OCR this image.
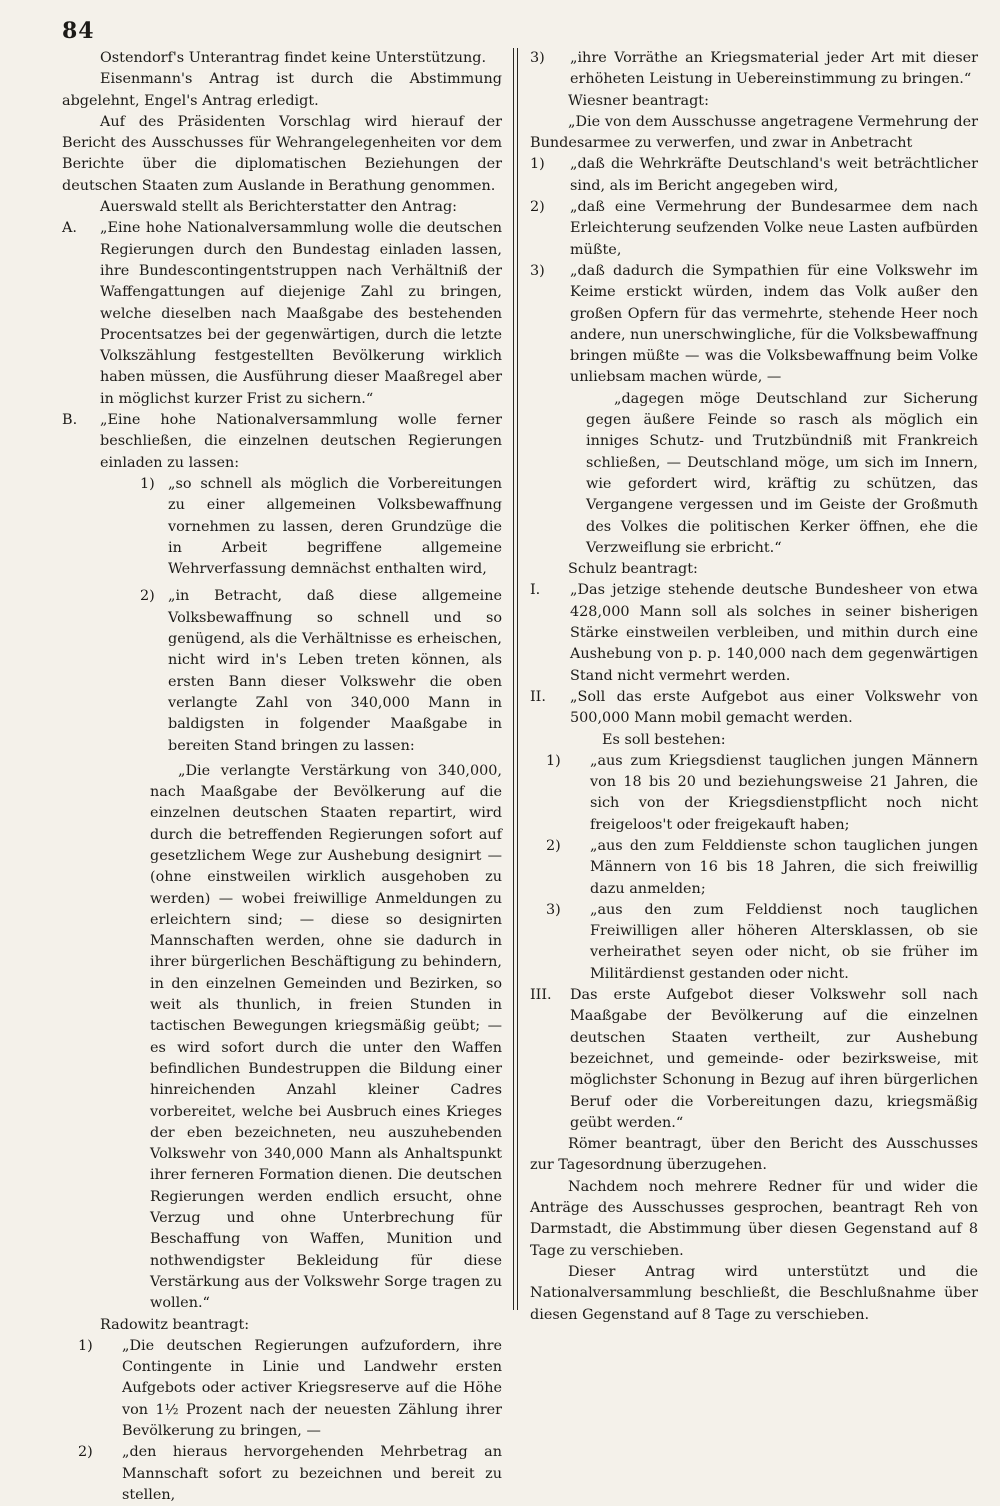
84

Ostendorf's Unterantrag findet keine Unterstützung.

Eisenmann's Antrag ist durch die Abstimmung abgelehnt, Engel's Antrag erledigt.

Auf des Präsidenten Vorschlag wird hierauf der Bericht des Ausschusses für Wehrangelegenheiten vor dem Berichte über die diplomatischen Beziehungen der deutschen Staaten zum Auslande in Berathung genommen.

Auerswald stellt als Berichterstatter den Antrag:

A.	„Eine hohe Nationalversammlung wolle die deutschen Regierungen durch den Bundestag einladen lassen, ihre Bundescontingentstruppen nach Verhältniß der Waffengattungen auf diejenige Zahl zu bringen, welche dieselben nach Maaßgabe des bestehenden Procentsatzes bei der gegenwärtigen, durch die letzte Volkszählung festgestellten Bevölkerung wirklich haben müssen, die Ausführung dieser Maaßregel aber in möglichst kurzer Frist zu sichern.“
B.	„Eine hohe Nationalversammlung wolle ferner beschließen, die einzelnen deutschen Regierungen einladen zu lassen:
1) „so schnell als möglich die Vorbereitungen zu einer allgemeinen Volksbewaffnung vornehmen zu lassen, deren Grundzüge die in Arbeit begriffene allgemeine Wehrverfassung demnächst enthalten wird,
2) „in Betracht, daß diese allgemeine Volksbewaffnung so schnell und so genügend, als die Verhältnisse es erheischen, nicht wird in's Leben treten können, als ersten Bann dieser Volkswehr die oben verlangte Zahl von 340,000 Mann in baldigsten in folgender Maaßgabe in bereiten Stand bringen zu lassen:

„Die verlangte Verstärkung von 340,000, nach Maaßgabe der Bevölkerung auf die einzelnen deutschen Staaten repartirt, wird durch die betreffenden Regierungen sofort auf gesetzlichem Wege zur Aushebung designirt — (ohne einstweilen wirklich ausgehoben zu werden) — wobei freiwillige Anmeldungen zu erleichtern sind; — diese so designirten Mannschaften werden, ohne sie dadurch in ihrer bürgerlichen Beschäftigung zu behindern, in den einzelnen Gemeinden und Bezirken, so weit als thunlich, in freien Stunden in tactischen Bewegungen kriegsmäßig geübt; — es wird sofort durch die unter den Waffen befindlichen Bundestruppen die Bildung einer hinreichenden Anzahl kleiner Cadres vorbereitet, welche bei Ausbruch eines Krieges der eben bezeichneten, neu auszuhebenden Volkswehr von 340,000 Mann als Anhaltspunkt ihrer ferneren Formation dienen. Die deutschen Regierungen werden endlich ersucht, ohne Verzug und ohne Unterbrechung für Beschaffung von Waffen, Munition und nothwendigster Bekleidung für diese Verstärkung aus der Volkswehr Sorge tragen zu wollen.“

Radowitz beantragt:

1)	„Die deutschen Regierungen aufzufordern, ihre Contingente in Linie und Landwehr ersten Aufgebots oder activer Kriegsreserve auf die Höhe von 1½ Prozent nach der neuesten Zählung ihrer Bevölkerung zu bringen, —
2)	„den hieraus hervorgehenden Mehrbetrag an Mannschaft sofort zu bezeichnen und bereit zu stellen,
3)	„ihre Vorräthe an Kriegsmaterial jeder Art mit dieser erhöheten Leistung in Uebereinstimmung zu bringen.“

Wiesner beantragt:

„Die von dem Ausschusse angetragene Vermehrung der Bundesarmee zu verwerfen, und zwar in Anbetracht

1)	„daß die Wehrkräfte Deutschland's weit beträchtlicher sind, als im Bericht angegeben wird,
2)	„daß eine Vermehrung der Bundesarmee dem nach Erleichterung seufzenden Volke neue Lasten aufbürden müßte,
3)	„daß dadurch die Sympathien für eine Volkswehr im Keime erstickt würden, indem das Volk außer den großen Opfern für das vermehrte, stehende Heer noch andere, nun unerschwingliche, für die Volksbewaffnung bringen müßte — was die Volksbewaffnung beim Volke unliebsam machen würde, —

„dagegen möge Deutschland zur Sicherung gegen äußere Feinde so rasch als möglich ein inniges Schutz- und Trutzbündniß mit Frankreich schließen, — Deutschland möge, um sich im Innern, wie gefordert wird, kräftig zu schützen, das Vergangene vergessen und im Geiste der Großmuth des Volkes die politischen Kerker öffnen, ehe die Verzweiflung sie erbricht.“

Schulz beantragt:

I.	„Das jetzige stehende deutsche Bundesheer von etwa 428,000 Mann soll als solches in seiner bisherigen Stärke einstweilen verbleiben, und mithin durch eine Aushebung von p. p. 140,000 nach dem gegenwärtigen Stand nicht vermehrt werden.
II.	„Soll das erste Aufgebot aus einer Volkswehr von 500,000 Mann mobil gemacht werden.

Es soll bestehen:

1)	„aus zum Kriegsdienst tauglichen jungen Männern von 18 bis 20 und beziehungsweise 21 Jahren, die sich von der Kriegsdienstpflicht noch nicht freigeloos't oder freigekauft haben;
2)	„aus den zum Felddienste schon tauglichen jungen Männern von 16 bis 18 Jahren, die sich freiwillig dazu anmelden;
3)	„aus den zum Felddienst noch tauglichen Freiwilligen aller höheren Altersklassen, ob sie verheirathet seyen oder nicht, ob sie früher im Militärdienst gestanden oder nicht.
III.	Das erste Aufgebot dieser Volkswehr soll nach Maaßgabe der Bevölkerung auf die einzelnen deutschen Staaten vertheilt, zur Aushebung bezeichnet, und gemeinde- oder bezirksweise, mit möglichster Schonung in Bezug auf ihren bürgerlichen Beruf oder die Vorbereitungen dazu, kriegsmäßig geübt werden.“

Römer beantragt, über den Bericht des Ausschusses zur Tagesordnung überzugehen.

Nachdem noch mehrere Redner für und wider die Anträge des Ausschusses gesprochen, beantragt Reh von Darmstadt, die Abstimmung über diesen Gegenstand auf 8 Tage zu verschieben.

Dieser Antrag wird unterstützt und die Nationalversammlung beschließt, die Beschlußnahme über diesen Gegenstand auf 8 Tage zu verschieben.
